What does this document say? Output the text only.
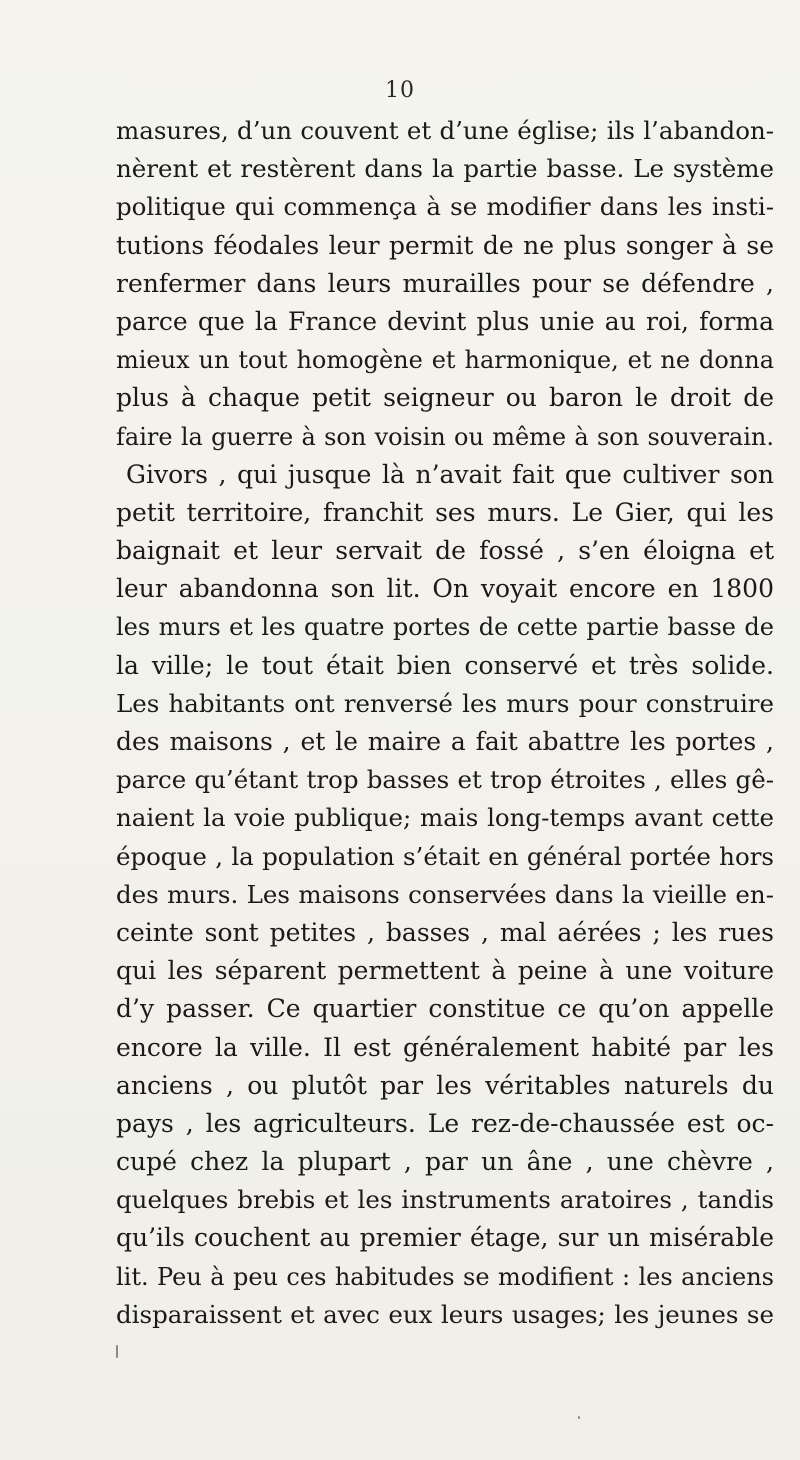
10
masures, d’un couvent et d’une église; ils l’abandon-
nèrent et restèrent dans la partie basse. Le système
politique qui commença à se modifier dans les insti-
tutions féodales leur permit de ne plus songer à se
renfermer dans leurs murailles pour se défendre ,
parce que la France devint plus unie au roi, forma
mieux un tout homogène et harmonique, et ne donna
plus à chaque petit seigneur ou baron le droit de
faire la guerre à son voisin ou même à son souverain.
Givors , qui jusque là n’avait fait que cultiver son
petit territoire, franchit ses murs. Le Gier, qui les
baignait et leur servait de fossé , s’en éloigna et
leur abandonna son lit. On voyait encore en 1800
les murs et les quatre portes de cette partie basse de
la ville; le tout était bien conservé et très solide.
Les habitants ont renversé les murs pour construire
des maisons , et le maire a fait abattre les portes ,
parce qu’étant trop basses et trop étroites , elles gê-
naient la voie publique; mais long-temps avant cette
époque , la population s’était en général portée hors
des murs. Les maisons conservées dans la vieille en-
ceinte sont petites , basses , mal aérées ; les rues
qui les séparent permettent à peine à une voiture
d’y passer. Ce quartier constitue ce qu’on appelle
encore la ville. Il est généralement habité par les
anciens , ou plutôt par les véritables naturels du
pays , les agriculteurs. Le rez-de-chaussée est oc-
cupé chez la plupart , par un âne , une chèvre ,
quelques brebis et les instruments aratoires , tandis
qu’ils couchent au premier étage, sur un misérable
lit. Peu à peu ces habitudes se modifient : les anciens
disparaissent et avec eux leurs usages; les jeunes se
